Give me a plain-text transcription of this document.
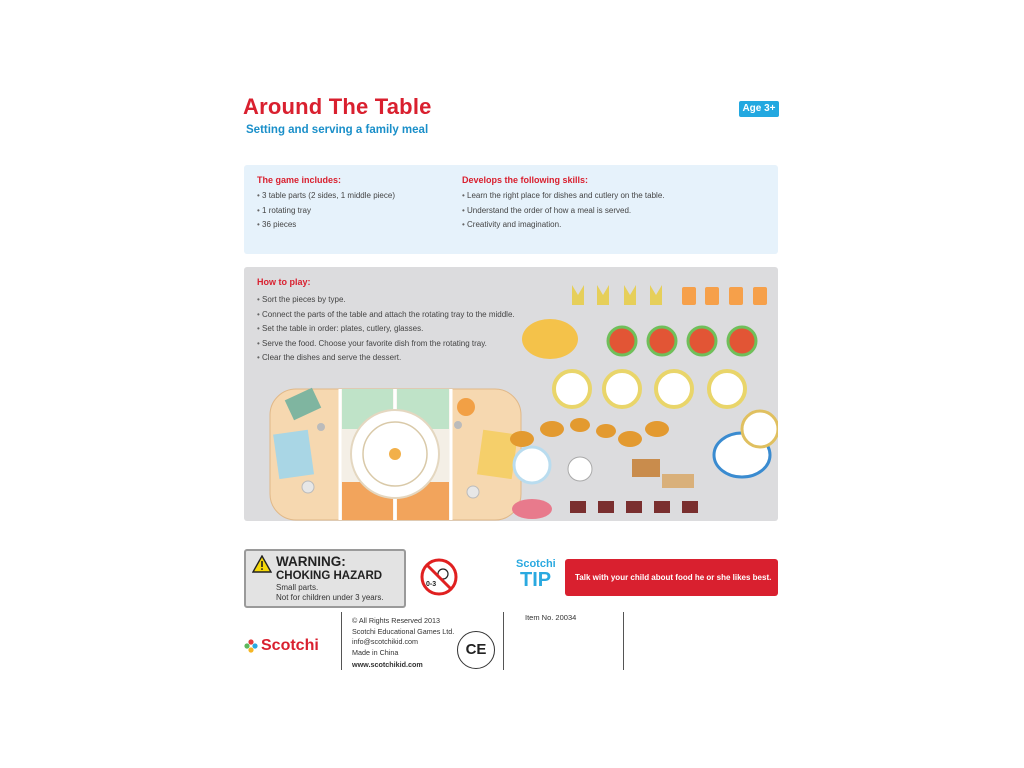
Around The Table
Setting and serving a family meal
Age 3+
The game includes:
• 3 table parts (2 sides, 1 middle piece)
• 1 rotating tray
• 36 pieces
Develops the following skills:
• Learn the right place for dishes and cutlery on the table.
• Understand the order of how a meal is served.
• Creativity and imagination.
How to play:
• Sort the pieces by type.
• Connect the parts of the table and attach the rotating tray to the middle.
• Set the table in order: plates, cutlery, glasses.
• Serve the food. Choose your favorite dish from the rotating tray.
• Clear the dishes and serve the dessert.
WARNING:
CHOKING HAZARD
Small parts.
Not for children under 3 years.
0-3
Scotchi
TIP	Talk with your child about food he or she likes best.
Scotchi
© All Rights Reserved 2013
Scotchi Educational Games Ltd.
info@scotchikid.com
Made in China
www.scotchikid.com
CE
Item No. 20034
